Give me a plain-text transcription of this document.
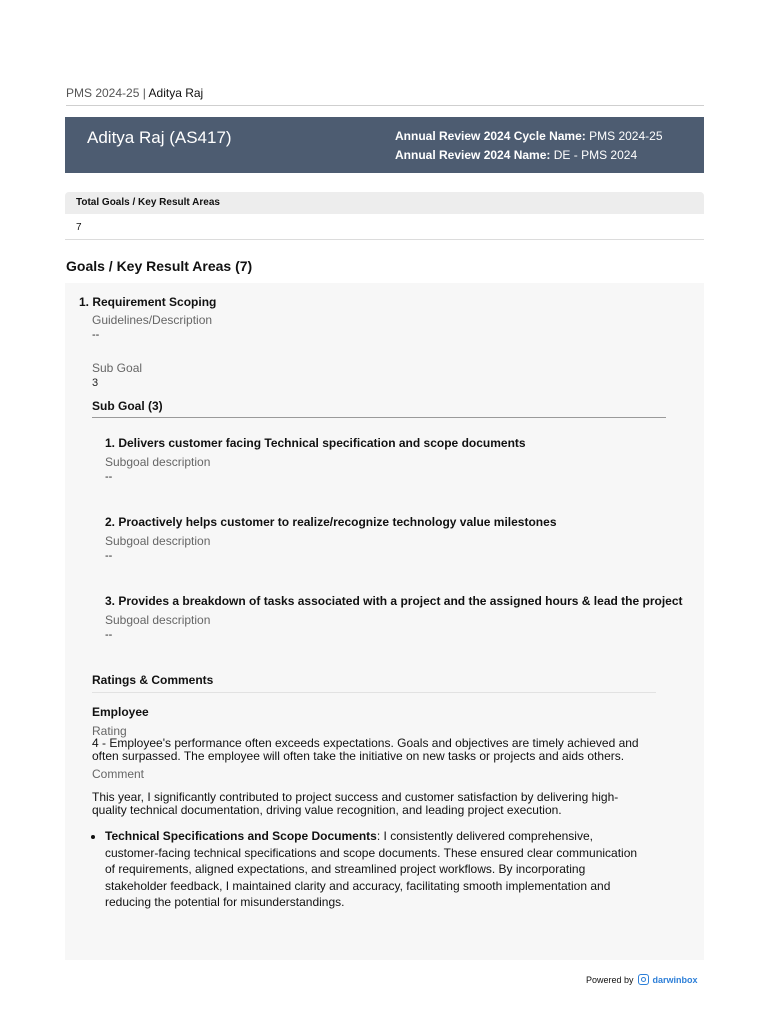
PMS 2024-25 | Aditya Raj
Aditya Raj (AS417)	Annual Review 2024 Cycle Name: PMS 2024-25
Annual Review 2024 Name: DE - PMS 2024
Total Goals / Key Result Areas
7
Goals / Key Result Areas (7)
1. Requirement Scoping
Guidelines/Description
--
Sub Goal
3
Sub Goal (3)
1. Delivers customer facing Technical specification and scope documents
Subgoal description
--
2. Proactively helps customer to realize/recognize technology value milestones
Subgoal description
--
3. Provides a breakdown of tasks associated with a project and the assigned hours & lead the project
Subgoal description
--
Ratings & Comments
Employee
Rating
4 - Employee's performance often exceeds expectations. Goals and objectives are timely achieved and often surpassed. The employee will often take the initiative on new tasks or projects and aids others.
Comment
This year, I significantly contributed to project success and customer satisfaction by delivering high-quality technical documentation, driving value recognition, and leading project execution.
• Technical Specifications and Scope Documents: I consistently delivered comprehensive, customer-facing technical specifications and scope documents. These ensured clear communication of requirements, aligned expectations, and streamlined project workflows. By incorporating stakeholder feedback, I maintained clarity and accuracy, facilitating smooth implementation and reducing the potential for misunderstandings.
Powered by darwinbox
